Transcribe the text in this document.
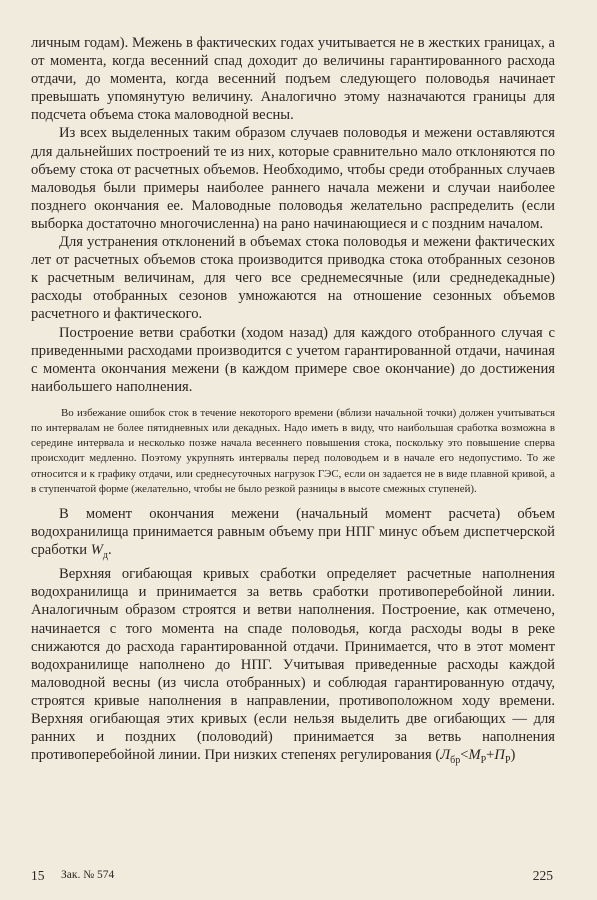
личным годам). Межень в фактических годах учитывается не в жестких границах, а от момента, когда весенний спад доходит до величины гарантированного расхода отдачи, до момента, когда весенний подъем следующего половодья начинает превышать упомянутую величину. Аналогично этому назначаются границы для подсчета объема стока маловодной весны.

Из всех выделенных таким образом случаев половодья и межени оставляются для дальнейших построений те из них, которые сравнительно мало отклоняются по объему стока от расчетных объемов. Необходимо, чтобы среди отобранных случаев маловодья были примеры наиболее раннего начала межени и случаи наиболее позднего окончания ее. Маловодные половодья желательно распределить (если выборка достаточно многочисленна) на рано начинающиеся и с поздним началом.

Для устранения отклонений в объемах стока половодья и межени фактических лет от расчетных объемов стока производится приводка стока отобранных сезонов к расчетным величинам, для чего все среднемесячные (или среднедекадные) расходы отобранных сезонов умножаются на отношение сезонных объемов расчетного и фактического.

Построение ветви сработки (ходом назад) для каждого отобранного случая с приведенными расходами производится с учетом гарантированной отдачи, начиная с момента окончания межени (в каждом примере свое окончание) до достижения наибольшего наполнения.

Во избежание ошибок сток в течение некоторого времени (вблизи начальной точки) должен учитываться по интервалам не более пятидневных или декадных. Надо иметь в виду, что наибольшая сработка возможна в середине интервала и несколько позже начала весеннего повышения стока, поскольку это повышение сперва происходит медленно. Поэтому укрупнять интервалы перед половодьем и в начале его недопустимо. То же относится и к графику отдачи, или среднесуточных нагрузок ГЭС, если он задается не в виде плавной кривой, а в ступенчатой форме (желательно, чтобы не было резкой разницы в высоте смежных ступеней).

В момент окончания межени (начальный момент расчета) объем водохранилища принимается равным объему при НПГ минус объем диспетчерской сработки $W_д$.

Верхняя огибающая кривых сработки определяет расчетные наполнения водохранилища и принимается за ветвь сработки противоперебойной линии. Аналогичным образом строятся и ветви наполнения. Построение, как отмечено, начинается с того момента на спаде половодья, когда расходы воды в реке снижаются до расхода гарантированной отдачи. Принимается, что в этот момент водохранилище наполнено до НПГ. Учитывая приведенные расходы каждой маловодной весны (из числа отобранных) и соблюдая гарантированную отдачу, строятся кривые наполнения в направлении, противоположном ходу времени. Верхняя огибающая этих кривых (если нельзя выделить две огибающих — для ранних и поздних (половодий) принимается за ветвь наполнения противоперебойной линии. При низких степенях регулирования $(Л_{бр}<М_Р+П_Р)$

15 Зак. № 574	225
